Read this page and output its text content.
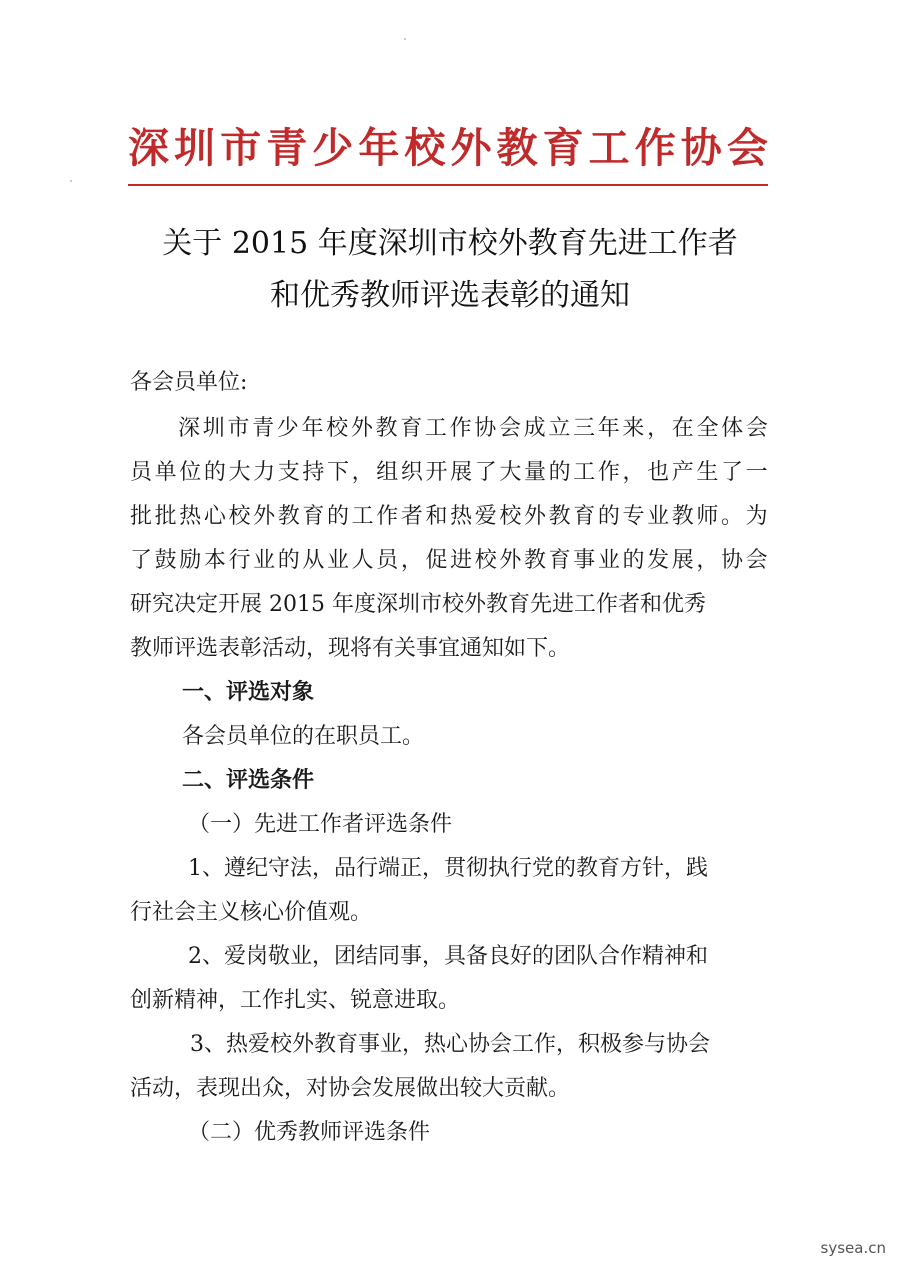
深 圳 市 青 少 年 校 外 教 育 工 作 协 会
关于 2015 年度深圳市校外教育先进工作者
和优秀教师评选表彰的通知
各会员单位:
深 圳 市 青 少 年 校 外 教 育 工 作 协 会 成 立 三 年 来 ， 在 全 体 会
员 单 位 的 大 力 支 持 下 ， 组 织 开 展 了 大 量 的 工 作 ， 也 产 生 了 一
批 批 热 心 校 外 教 育 的 工 作 者 和 热 爱 校 外 教 育 的 专 业 教 师 。 为
了 鼓 励 本 行 业 的 从 业 人 员 ， 促 进 校 外 教 育 事 业 的 发 展 ， 协 会
研究决定开展 2015 年度深圳市校外教育先进工作者和优秀
教师评选表彰活动，现将有关事宜通知如下。
一、评选对象
各会员单位的在职员工。
二、评选条件
（一）先进工作者评选条件
1、遵纪守法，品行端正，贯彻执行党的教育方针，践
行社会主义核心价值观。
2、爱岗敬业，团结同事，具备良好的团队合作精神和
创新精神，工作扎实、锐意进取。
3、热爱校外教育事业，热心协会工作，积极参与协会
活动，表现出众，对协会发展做出较大贡献。
（二）优秀教师评选条件
sysea.cn
